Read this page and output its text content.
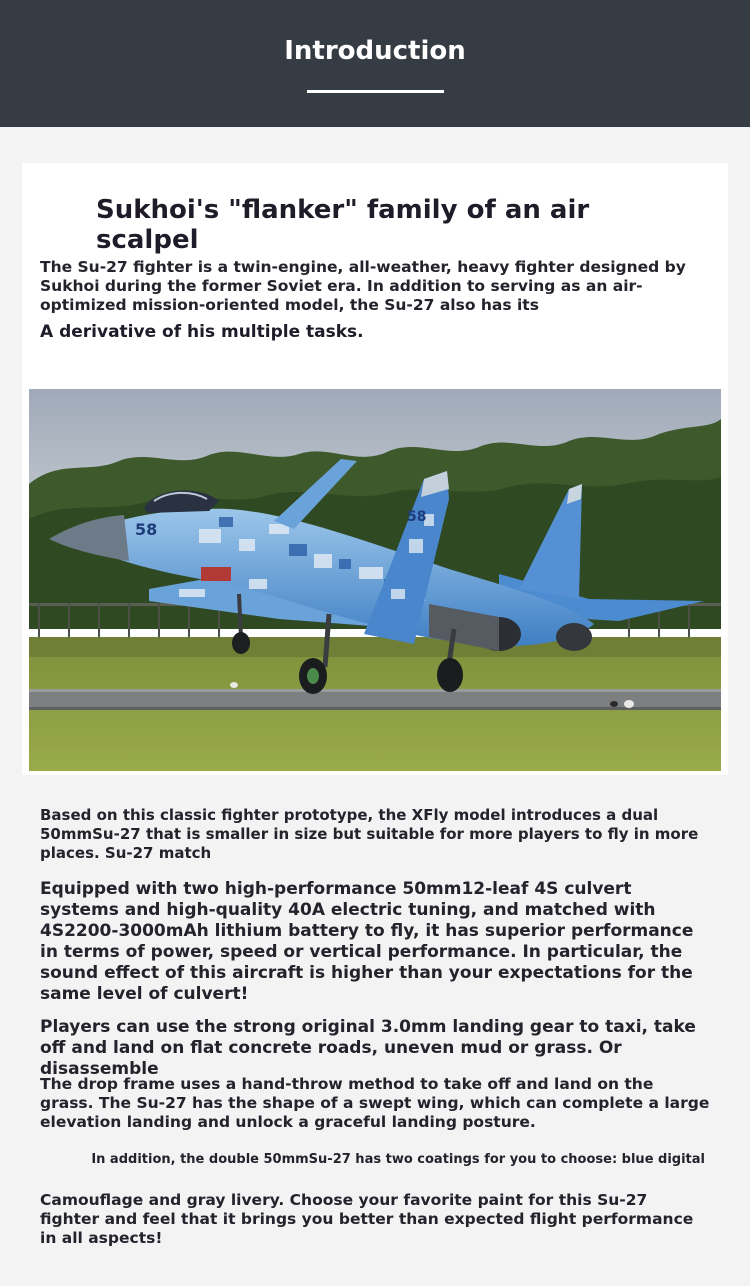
Introduction
Sukhoi's "flanker" family of an air scalpel
The Su-27 fighter is a twin-engine, all-weather, heavy fighter designed by Sukhoi during the former Soviet era. In addition to serving as an air-optimized mission-oriented model, the Su-27 also has its
A derivative of his multiple tasks.
58
58
Based on this classic fighter prototype, the XFly model introduces a dual 50mmSu-27 that is smaller in size but suitable for more players to fly in more places. Su-27 match
Equipped with two high-performance 50mm12-leaf 4S culvert systems and high-quality 40A electric tuning, and matched with 4S2200-3000mAh lithium battery to fly, it has superior performance in terms of power, speed or vertical performance. In particular, the sound effect of this aircraft is higher than your expectations for the same level of culvert!
Players can use the strong original 3.0mm landing gear to taxi, take off and land on flat concrete roads, uneven mud or grass. Or disassemble
The drop frame uses a hand-throw method to take off and land on the grass. The Su-27 has the shape of a swept wing, which can complete a large elevation landing and unlock a graceful landing posture.
In addition, the double 50mmSu-27 has two coatings for you to choose: blue digital
Camouflage and gray livery. Choose your favorite paint for this Su-27 fighter and feel that it brings you better than expected flight performance in all aspects!
